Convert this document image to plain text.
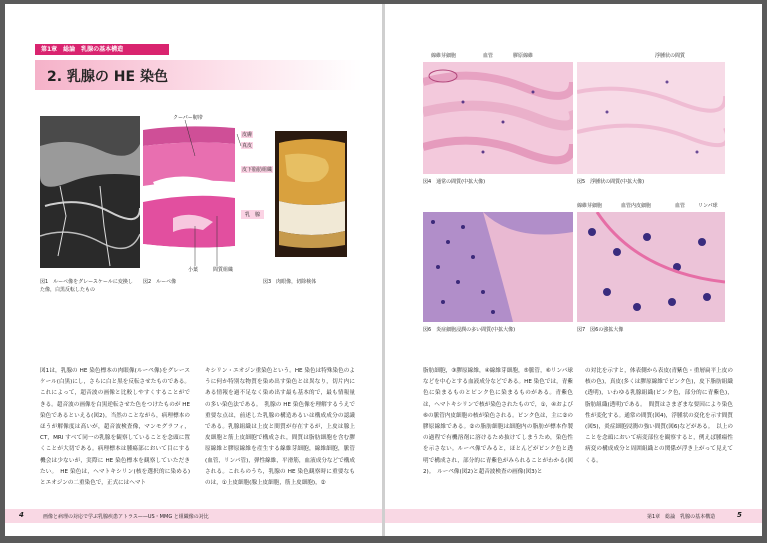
第1章　総論　乳腺の基本構造
2. 乳腺の HE 染色
クーパー靭帯
皮膚
真皮
皮下脂肪組織
乳　腺
小葉	間質組織
図1　ルーペ像をグレースケールに変換した像，白黒反転したもの
図2　ルーペ像	図3　肉眼像，切除検体
図1は，乳腺の HE 染色標本の肉眼像(ルーペ像)をグレースケール(白黒)にし，さらに白と黒を反転させたものである。これによって，超音波の画像と比較しやすくすることができる。超音波の画像を白黒逆転させた色をつけたものが HE 染色であるといえる(図2)。当然のことながら，病理標本のほうが解像度は高いが，超音波検査像，マンモグラフィ，CT，MRI すべて同一の乳腺を観察していることを念頭に置くことが大切である。病理標本は腫瘍部において目にする機会は少ないが，実際に HE 染色標本を観察していただきたい。　HE 染色は，ヘマトキシリン(核を選択的に染める)とエオジンの二重染色で，正式にはヘマト
キシリン・エオジン重染色という。HE 染色は特殊染色のように何か特別な物質を染め出す染色とは異なり，切片内にある情報を過不足なく染め出す最も基本的で，最も情報量の多い染色法である。　乳腺の HE 染色像を理解するうえで重要な点は，前述した乳腺の構造あるいは構成成分の認識である。乳腺組織は上皮と間質が存在するが，上皮は腺上皮細胞と筋上皮細胞で構成され，間質は脂肪細胞を含む膠原線維と膠原線維を産生する線維芽細胞，線維細胞，脈管(血管，リンパ管)，弾性線維，平滑筋，血液成分などで構成される。これらのうち，乳腺の HE 染色観察時に重要なものは，①上皮細胞(腺上皮細胞，筋上皮細胞)，②
4	画像と病理の対応で学ぶ乳腺疾患アトラス——US・MMG と組織像の対比
線維芽細胞	血管	膠原線維	浮腫状の間質
線維芽細胞	血管内皮細胞	血管	リンパ球
図4　通常の間質(中拡大像)	図5　浮腫状の間質(中拡大像)
図6　炎症細胞浸潤の多い間質(中拡大像)	図7　図6の強拡大像
脂肪細胞，③膠原線維，④線維芽細胞，⑤脈管，⑥リンパ球などを中心とする血液成分などである。HE 染色では，青紫色に染まるものとピンク色に染まるものがある。青紫色は，ヘマトキシリンで核が染色されたもので，①，④および⑥の脈管内皮細胞の核が染色される。ピンク色は，主に②の膠原線維である。②の脂肪細胞は細胞内の脂肪が標本作製の過程で有機溶剤に溶けるため抜けてしまうため，染色性を示さない。ルーペ像でみると，ほとんどがピンク色と透明で構成され，部分的に青紫色がみられることがわかる(図2)。　ルーペ像(図2)と超音波検査の画像(図3)と
の対比を示すと，体表側から表皮(青紫色・重層扁平上皮の核の色)，真皮(多くは膠原線維でピンク色)，皮下脂肪組織(透明)，いわゆる乳腺組織(ピンク色，部分的に青紫色)，脂肪組織(透明)である。　間質はさまざまな要因により染色性が変化する。通常の間質(図4)，浮腫状の変化を示す間質(図5)，炎症細胞浸潤の強い間質(図6)などがある。　以上のことを念頭において病変部位を観察すると，例えば腫瘍性病変の構成成分と周囲組織との関係が浮き上がって見えてくる。
第1章　総論　乳腺の基本構造	5
